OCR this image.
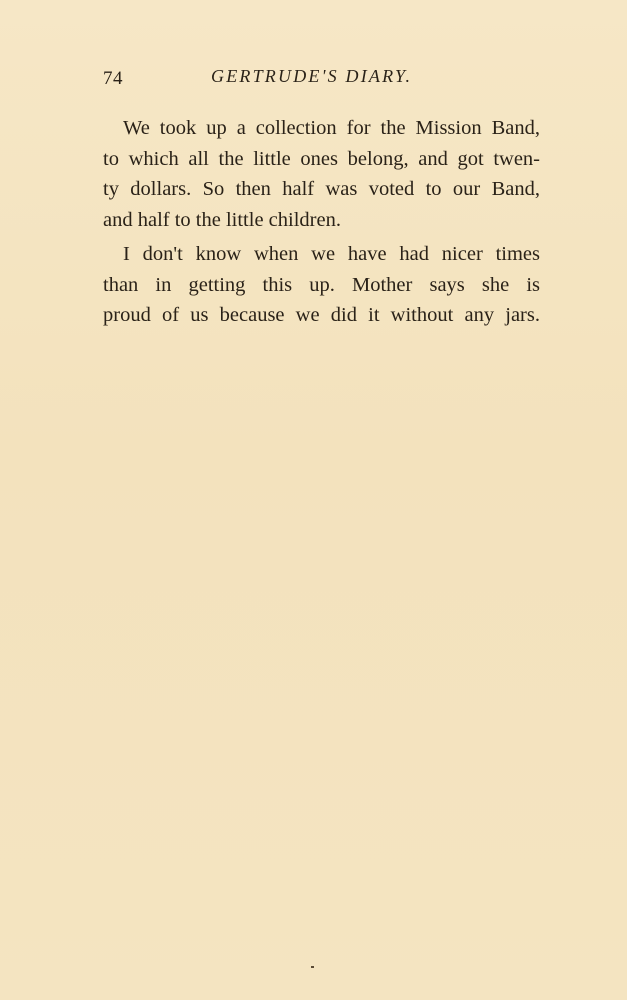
74	GERTRUDE'S DIARY.
We took up a collection for the Mission Band,
to which all the little ones belong, and got twen-
ty dollars. So then half was voted to our Band,
and half to the little children.
I don't know when we have had nicer times
than in getting this up. Mother says she is
proud of us because we did it without any jars.
